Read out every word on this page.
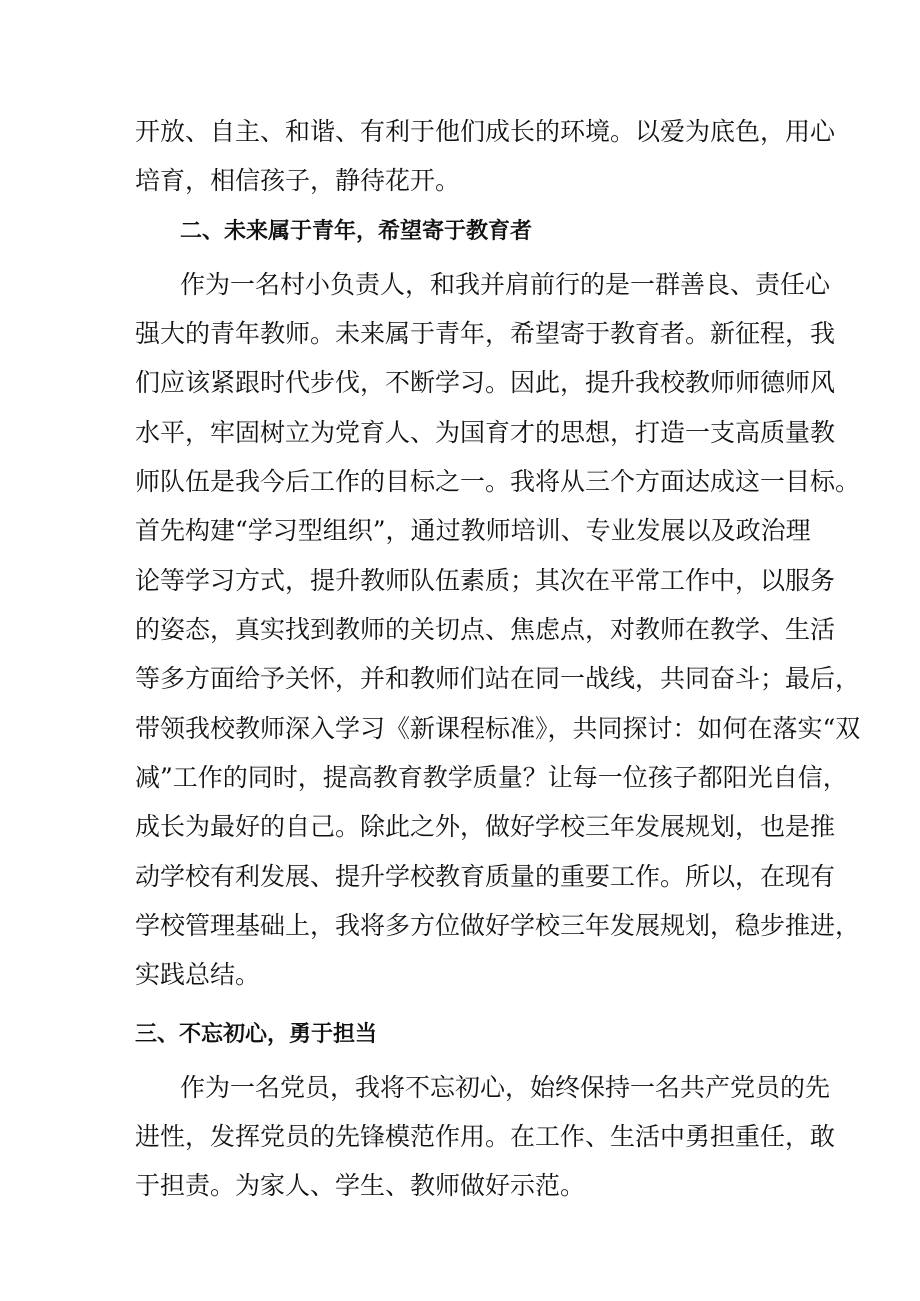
开放、自主、和谐、有利于他们成长的环境。以爱为底色，用心
培育，相信孩子，静待花开。
二、未来属于青年，希望寄于教育者
作为一名村小负责人，和我并肩前行的是一群善良、责任心
强大的青年教师。未来属于青年，希望寄于教育者。新征程，我
们应该紧跟时代步伐，不断学习。因此，提升我校教师师德师风
水平，牢固树立为党育人、为国育才的思想，打造一支高质量教
师队伍是我今后工作的目标之一。我将从三个方面达成这一目标。
首先构建“学习型组织”，通过教师培训、专业发展以及政治理
论等学习方式，提升教师队伍素质；其次在平常工作中，以服务
的姿态，真实找到教师的关切点、焦虑点，对教师在教学、生活
等多方面给予关怀，并和教师们站在同一战线，共同奋斗；最后，
带领我校教师深入学习《新课程标准》，共同探讨：如何在落实“双
减”工作的同时，提高教育教学质量？让每一位孩子都阳光自信，
成长为最好的自己。除此之外，做好学校三年发展规划，也是推
动学校有利发展、提升学校教育质量的重要工作。所以，在现有
学校管理基础上，我将多方位做好学校三年发展规划，稳步推进，
实践总结。
三、不忘初心，勇于担当
作为一名党员，我将不忘初心，始终保持一名共产党员的先
进性，发挥党员的先锋模范作用。在工作、生活中勇担重任，敢
于担责。为家人、学生、教师做好示范。
